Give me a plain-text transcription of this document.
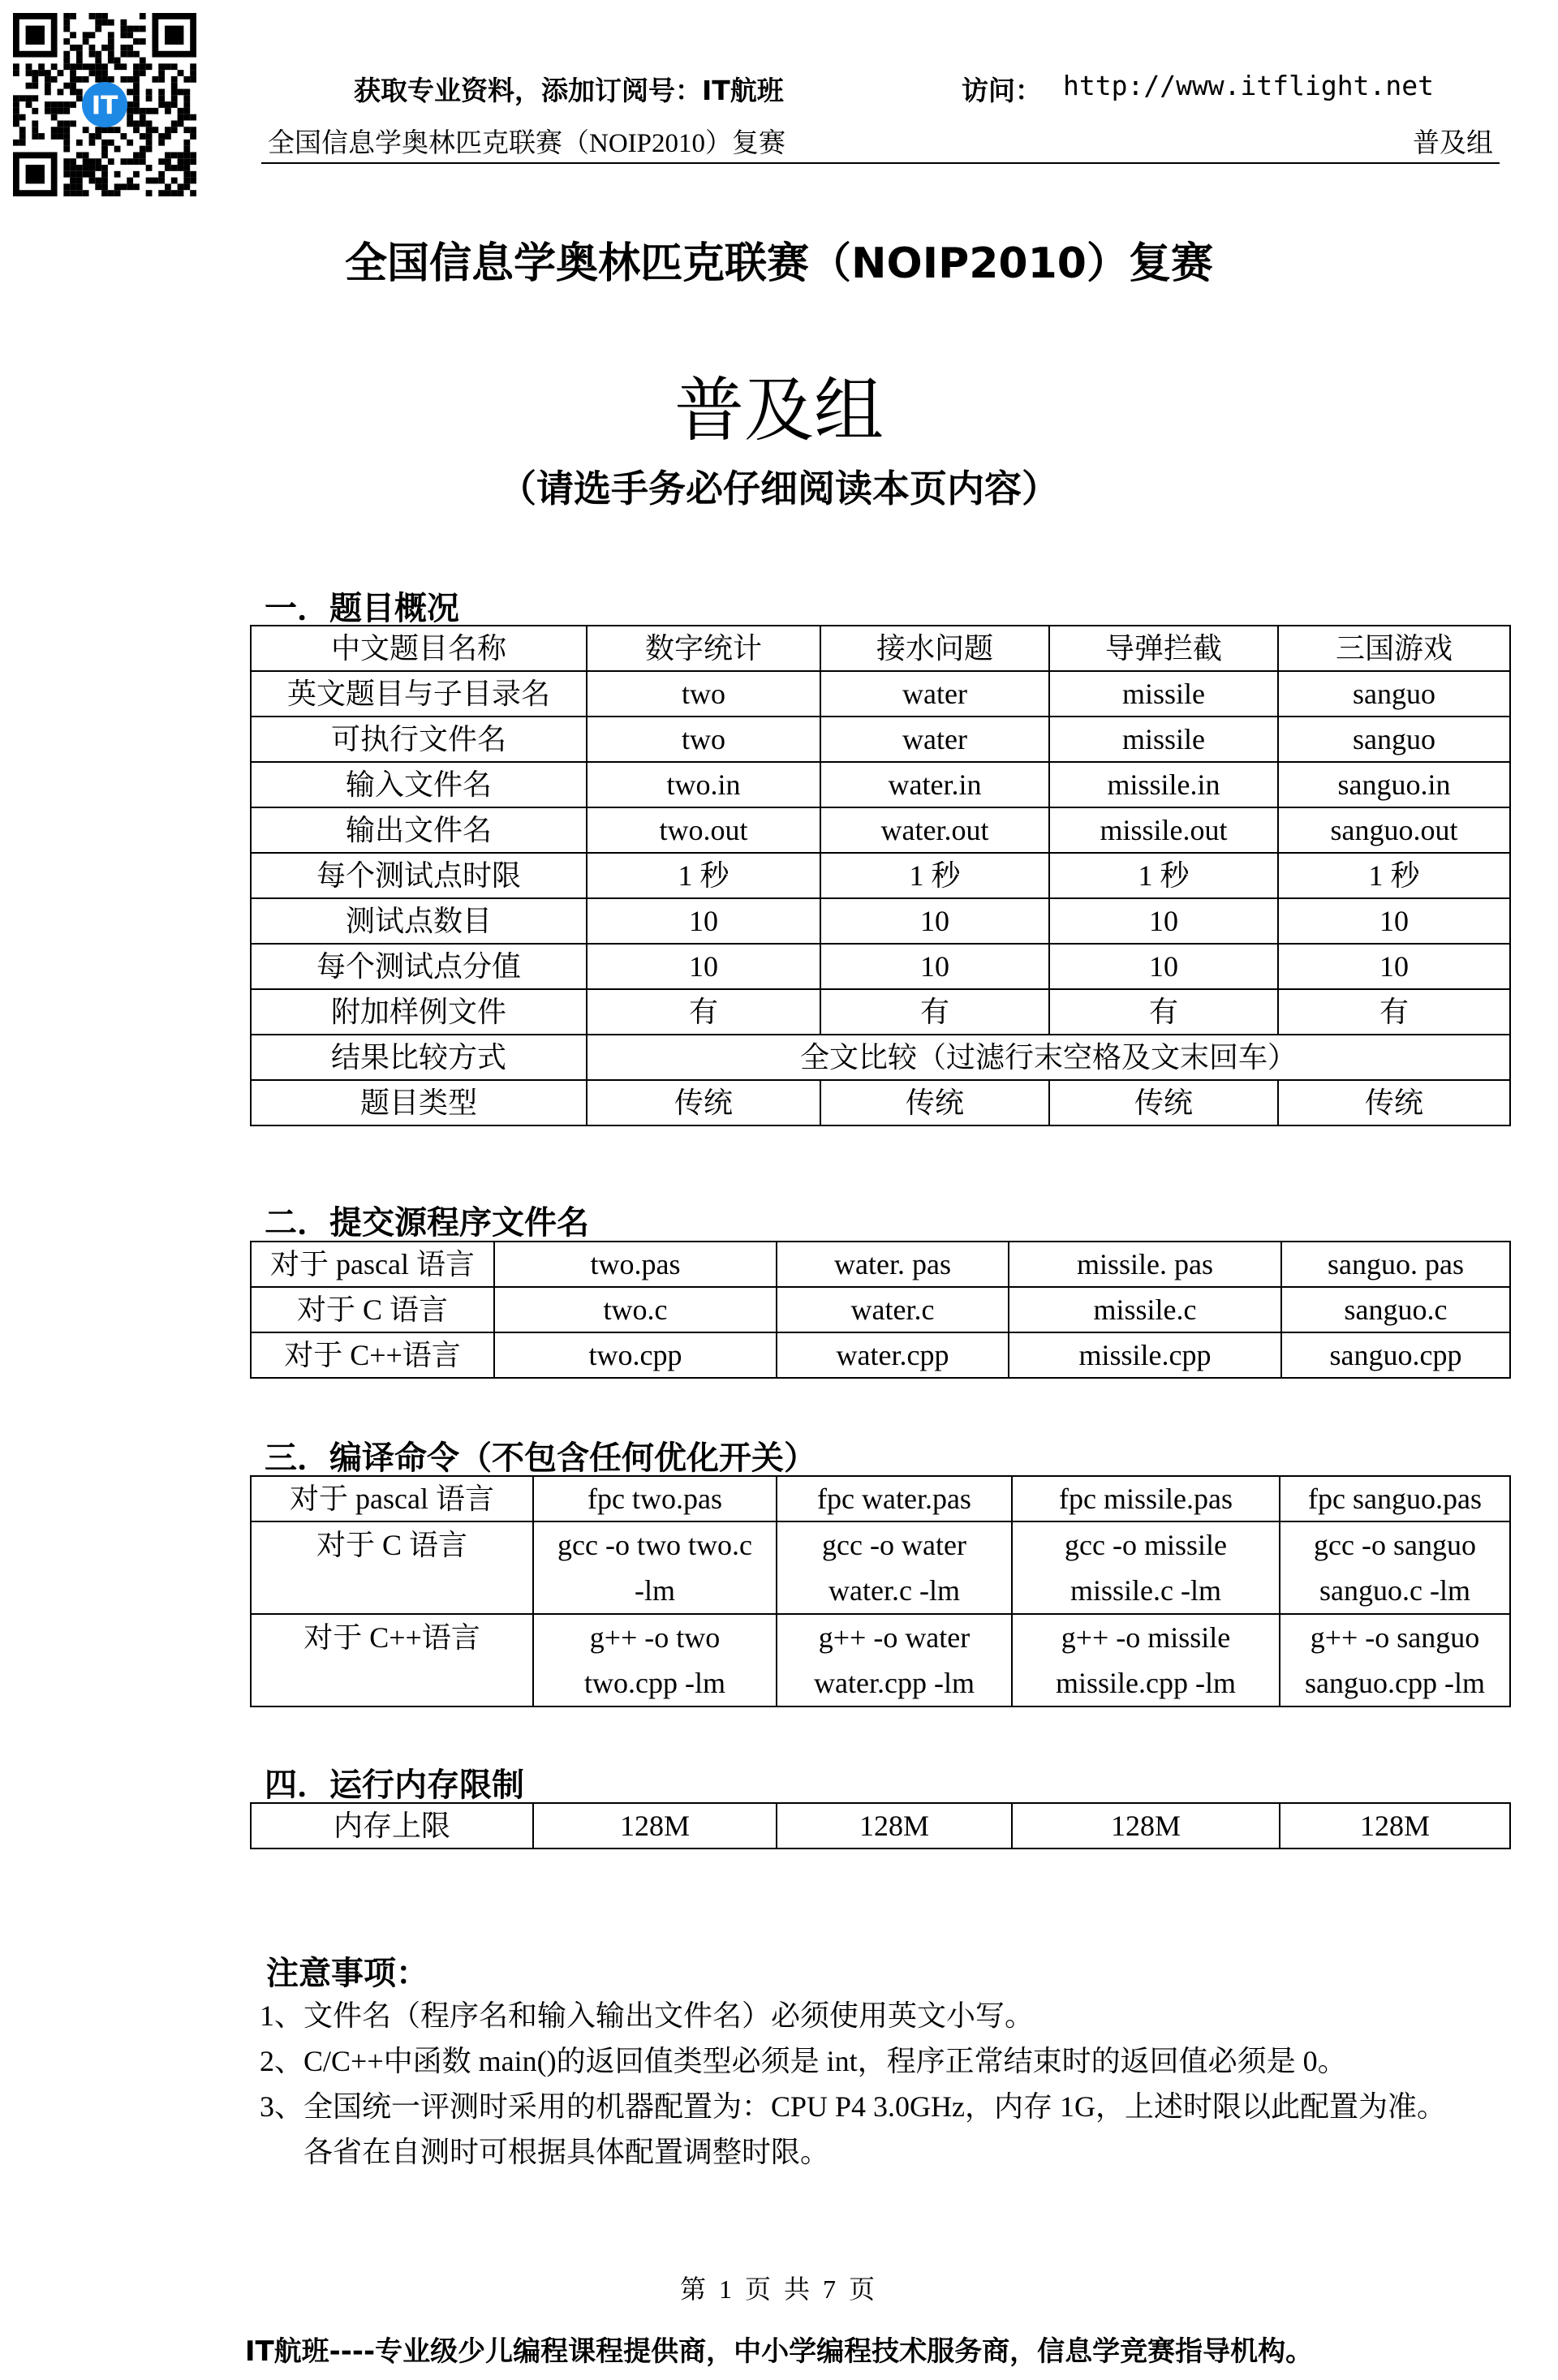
IT	获取专业资料，添加订阅号：IT航班	访问： http://www.itflight.net
全国信息学奥林匹克联赛（NOIP2010）复赛	普及组
全国信息学奥林匹克联赛（NOIP2010）复赛
普及组
（请选手务必仔细阅读本页内容）
一．题目概况
中文题目名称	数字统计	接水问题	导弹拦截	三国游戏
英文题目与子目录名	two	water	missile	sanguo
可执行文件名	two	water	missile	sanguo
输入文件名	two.in	water.in	missile.in	sanguo.in
输出文件名	two.out	water.out	missile.out	sanguo.out
每个测试点时限	1 秒	1 秒	1 秒	1 秒
测试点数目	10	10	10	10
每个测试点分值	10	10	10	10
附加样例文件	有	有	有	有
结果比较方式	全文比较（过滤行末空格及文末回车）			
题目类型	传统	传统	传统	传统
二．提交源程序文件名
对于 pascal 语言	two.pas	water. pas	missile. pas	sanguo. pas
对于 C 语言	two.c	water.c	missile.c	sanguo.c
对于 C++语言	two.cpp	water.cpp	missile.cpp	sanguo.cpp
三．编译命令（不包含任何优化开关）
对于 pascal 语言	fpc two.pas	fpc water.pas	fpc missile.pas	fpc sanguo.pas
对于 C 语言	gcc -o two two.c -lm	gcc -o water water.c -lm	gcc -o missile missile.c -lm	gcc -o sanguo sanguo.c -lm
对于 C++语言	g++ -o two two.cpp -lm	g++ -o water water.cpp -lm	g++ -o missile missile.cpp -lm	g++ -o sanguo sanguo.cpp -lm
四．运行内存限制
内存上限	128M	128M	128M	128M
注意事项：
1、文件名（程序名和输入输出文件名）必须使用英文小写。
2、C/C++中函数 main()的返回值类型必须是 int，程序正常结束时的返回值必须是 0。
3、全国统一评测时采用的机器配置为：CPU P4 3.0GHz，内存 1G，上述时限以此配置为准。
各省在自测时可根据具体配置调整时限。
第 1 页 共 7 页
IT航班----专业级少儿编程课程提供商，中小学编程技术服务商，信息学竞赛指导机构。
